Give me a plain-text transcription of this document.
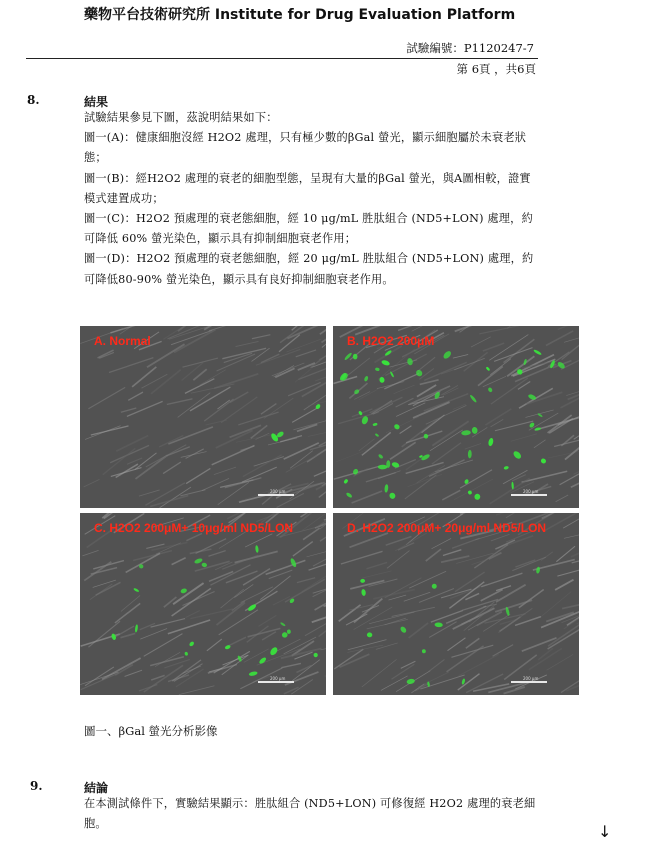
藥物平台技術研究所 Institute for Drug Evaluation Platform
試驗編號：P1120247-7
第 6頁 ，共6頁
8.	結果

試驗結果參見下圖，茲說明結果如下：

圖一(A)：健康細胞沒經 H2O2 處理，只有極少數的βGal 螢光，顯示細胞屬於未衰老狀態；

圖一(B)：經H2O2 處理的衰老的細胞型態，呈現有大量的βGal 螢光，與A圖相較，證實模式建置成功；

圖一(C)：H2O2 預處理的衰老態細胞，經 10 μg/mL 胜肽組合 (ND5+LON) 處理，約可降低 60% 螢光染色，顯示具有抑制細胞衰老作用；

圖一(D)：H2O2 預處理的衰老態細胞，經 20 μg/mL 胜肽組合 (ND5+LON) 處理，約可降低80-90% 螢光染色，顯示具有良好抑制細胞衰老作用。

A. Normal
200 μm
B. H2O2 200μM
200 μm
C. H2O2 200μM+ 10μg/ml ND5/LON
200 μm
D. H2O2 200μM+ 20μg/ml ND5/LON
200 μm
圖一、βGal 螢光分析影像
9.	結論

在本測試條件下，實驗結果顯示：胜肽組合 (ND5+LON) 可修復經 H2O2 處理的衰老細胞。	↓
